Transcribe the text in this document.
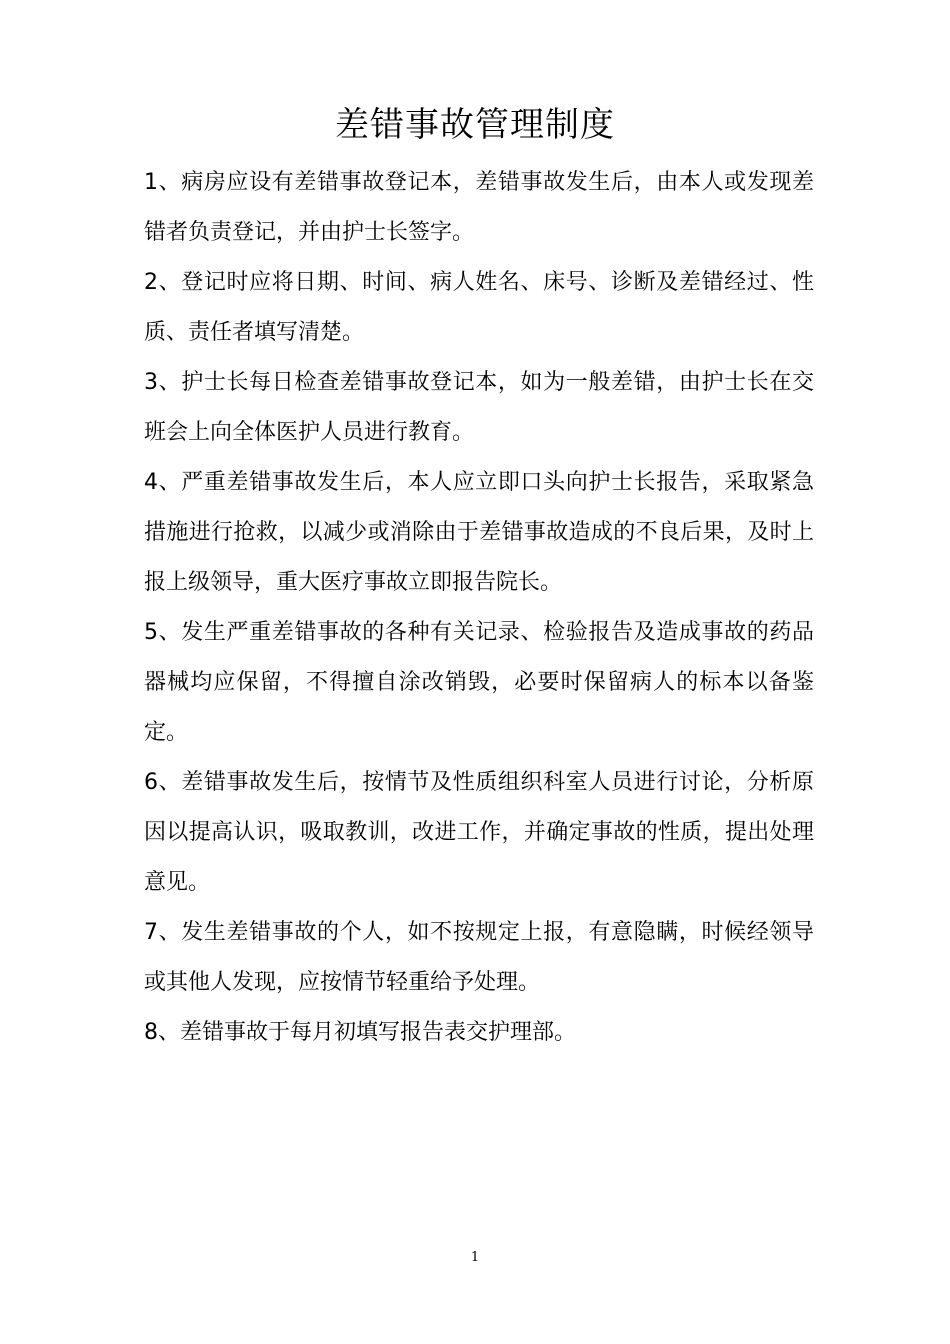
差错事故管理制度

1、病房应设有差错事故登记本，差错事故发生后，由本人或发现差错者负责登记，并由护士长签字。

2、登记时应将日期、时间、病人姓名、床号、诊断及差错经过、性质、责任者填写清楚。

3、护士长每日检查差错事故登记本，如为一般差错，由护士长在交班会上向全体医护人员进行教育。

4、严重差错事故发生后，本人应立即口头向护士长报告，采取紧急措施进行抢救，以减少或消除由于差错事故造成的不良后果，及时上报上级领导，重大医疗事故立即报告院长。

5、发生严重差错事故的各种有关记录、检验报告及造成事故的药品器械均应保留，不得擅自涂改销毁，必要时保留病人的标本以备鉴定。

6、差错事故发生后，按情节及性质组织科室人员进行讨论，分析原因以提高认识，吸取教训，改进工作，并确定事故的性质，提出处理意见。

7、发生差错事故的个人，如不按规定上报，有意隐瞒，时候经领导或其他人发现，应按情节轻重给予处理。

8、差错事故于每月初填写报告表交护理部。

1
